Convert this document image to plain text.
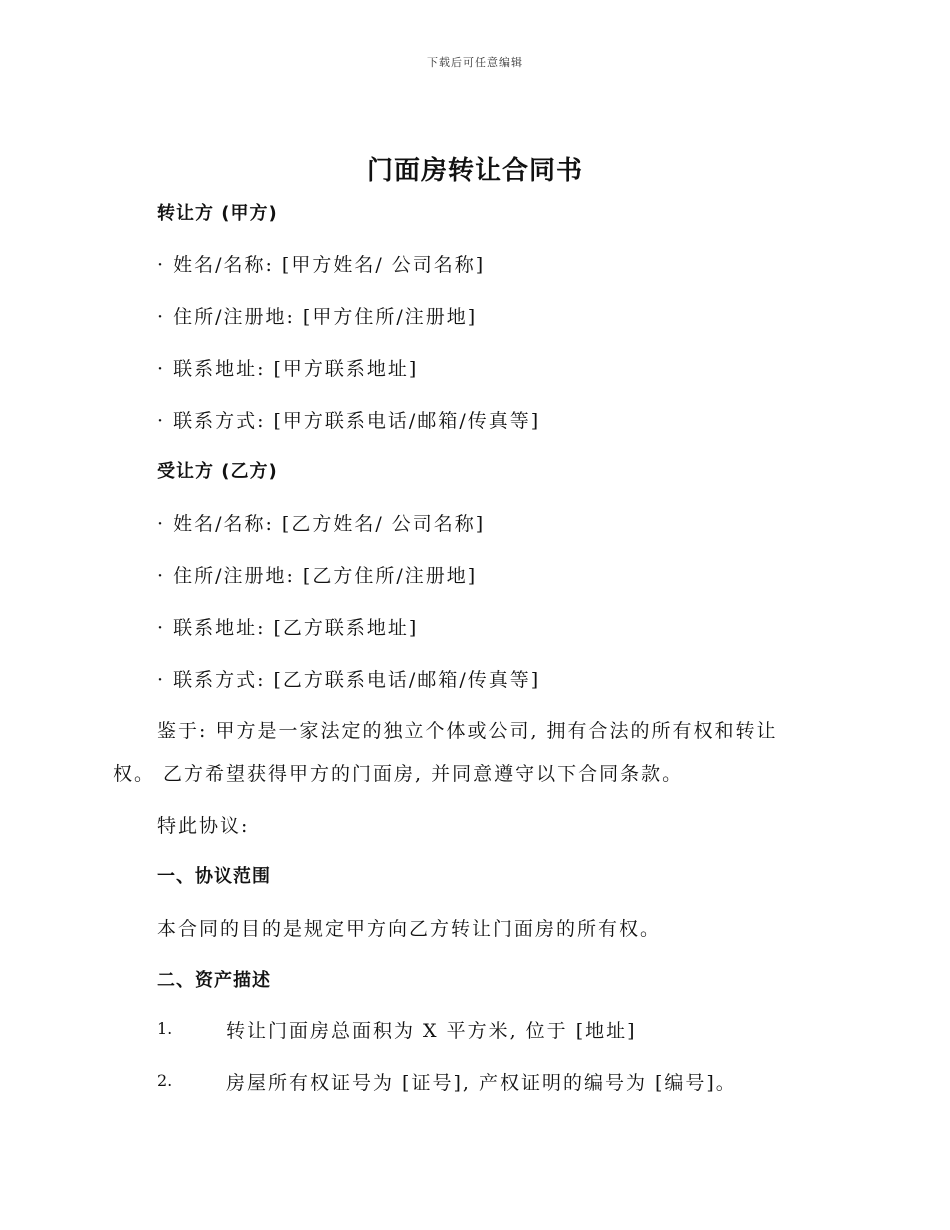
下载后可任意编辑
门面房转让合同书
转让方 (甲方)
· 姓名/名称: [甲方姓名/ 公司名称]
· 住所/注册地: [甲方住所/注册地]
· 联系地址: [甲方联系地址]
· 联系方式: [甲方联系电话/邮箱/传真等]
受让方 (乙方)
· 姓名/名称: [乙方姓名/ 公司名称]
· 住所/注册地: [乙方住所/注册地]
· 联系地址: [乙方联系地址]
· 联系方式: [乙方联系电话/邮箱/传真等]
鉴于: 甲方是一家法定的独立个体或公司, 拥有合法的所有权和转让
权。 乙方希望获得甲方的门面房, 并同意遵守以下合同条款。
特此协议:
一、协议范围
本合同的目的是规定甲方向乙方转让门面房的所有权。
二、资产描述
1.	转让门面房总面积为 X 平方米, 位于 [地址]
2.	房屋所有权证号为 [证号], 产权证明的编号为 [编号]。
